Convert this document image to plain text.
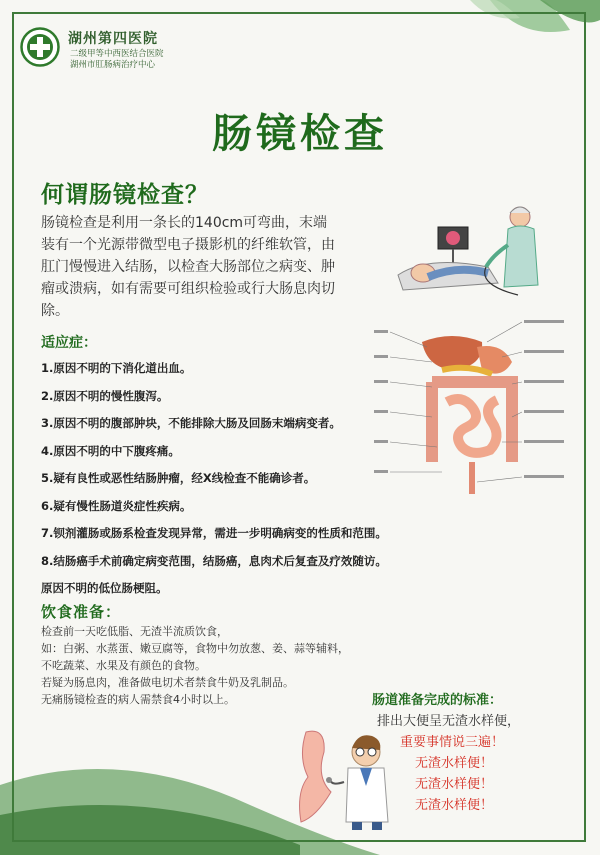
湖州第四医院
二级甲等中西医结合医院
湖州市肛肠病治疗中心
肠镜检查
何谓肠镜检查？
肠镜检查是利用一条长的140cm可弯曲，末端装有一个光源带微型电子摄影机的纤维软管，由肛门慢慢进入结肠，以检查大肠部位之病变、肿瘤或溃病，如有需要可组织检验或行大肠息肉切除。
适应症：
1.原因不明的下消化道出血。
2.原因不明的慢性腹泻。
3.原因不明的腹部肿块，不能排除大肠及回肠末端病变者。
4.原因不明的中下腹疼痛。
5.疑有良性或恶性结肠肿瘤，经X线检查不能确诊者。
6.疑有慢性肠道炎症性疾病。
7.钡剂灌肠或肠系检查发现异常，需进一步明确病变的性质和范围。
8.结肠癌手术前确定病变范围，结肠癌，息肉术后复查及疗效随访。
原因不明的低位肠梗阻。
饮食准备：
检查前一天吃低脂、无渣半流质饮食，
如：白粥、水蒸蛋、嫩豆腐等，食物中勿放葱、姜、蒜等辅料，
不吃蔬菜、水果及有颜色的食物。
若疑为肠息肉，准备做电切术者禁食牛奶及乳制品。
无痛肠镜检查的病人需禁食4小时以上。	肠道准备完成的标准：
排出大便呈无渣水样便，
重要事情说三遍！
无渣水样便！
无渣水样便！
无渣水样便！
